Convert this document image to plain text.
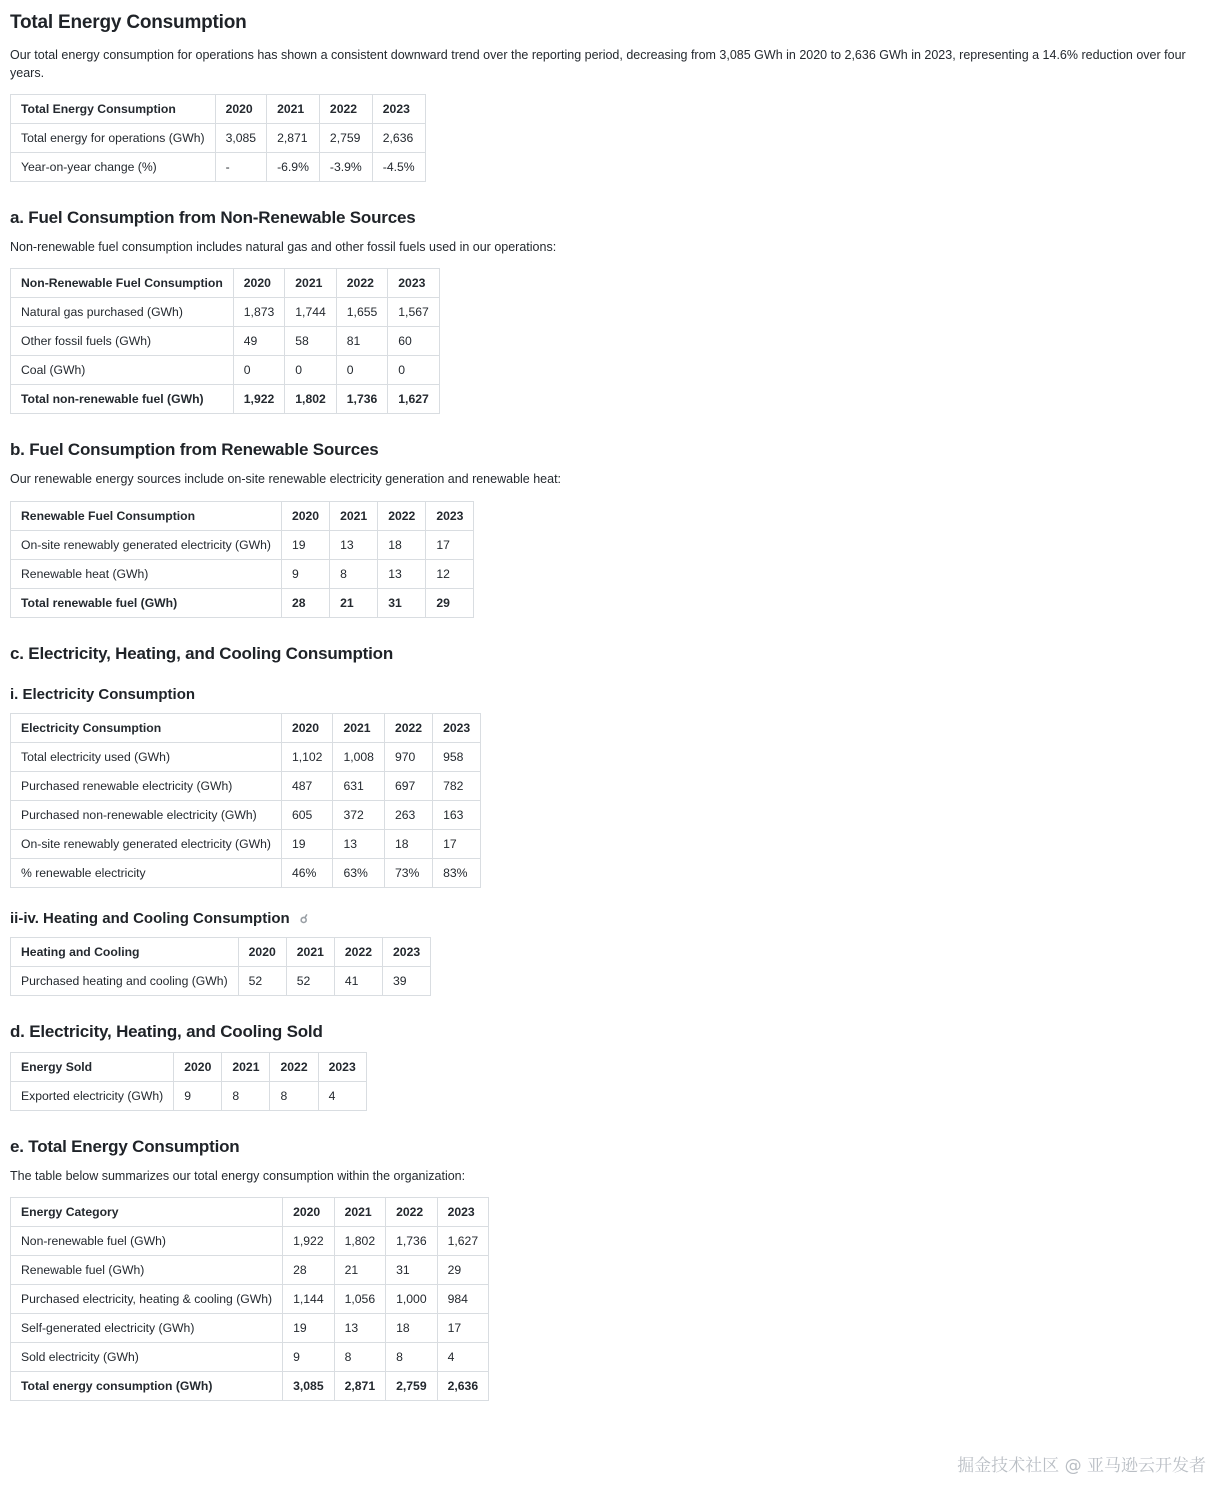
Total Energy Consumption

Our total energy consumption for operations has shown a consistent downward trend over the reporting period, decreasing from 3,085 GWh in 2020 to 2,636 GWh in 2023, representing a 14.6% reduction over four years.

Total Energy Consumption	2020	2021	2022	2023
Total energy for operations (GWh)	3,085	2,871	2,759	2,636
Year-on-year change (%)	-	-6.9%	-3.9%	-4.5%
a. Fuel Consumption from Non-Renewable Sources

Non-renewable fuel consumption includes natural gas and other fossil fuels used in our operations:

Non-Renewable Fuel Consumption	2020	2021	2022	2023
Natural gas purchased (GWh)	1,873	1,744	1,655	1,567
Other fossil fuels (GWh)	49	58	81	60
Coal (GWh)	0	0	0	0
Total non-renewable fuel (GWh)	1,922	1,802	1,736	1,627
b. Fuel Consumption from Renewable Sources

Our renewable energy sources include on-site renewable electricity generation and renewable heat:

Renewable Fuel Consumption	2020	2021	2022	2023
On-site renewably generated electricity (GWh)	19	13	18	17
Renewable heat (GWh)	9	8	13	12
Total renewable fuel (GWh)	28	21	31	29
c. Electricity, Heating, and Cooling Consumption
i. Electricity Consumption
Electricity Consumption	2020	2021	2022	2023
Total electricity used (GWh)	1,102	1,008	970	958
Purchased renewable electricity (GWh)	487	631	697	782
Purchased non-renewable electricity (GWh)	605	372	263	163
On-site renewably generated electricity (GWh)	19	13	18	17
% renewable electricity	46%	63%	73%	83%
ii-iv. Heating and Cooling Consumption ☌
Heating and Cooling	2020	2021	2022	2023
Purchased heating and cooling (GWh)	52	52	41	39
d. Electricity, Heating, and Cooling Sold
Energy Sold	2020	2021	2022	2023
Exported electricity (GWh)	9	8	8	4
e. Total Energy Consumption

The table below summarizes our total energy consumption within the organization:

Energy Category	2020	2021	2022	2023
Non-renewable fuel (GWh)	1,922	1,802	1,736	1,627
Renewable fuel (GWh)	28	21	31	29
Purchased electricity, heating & cooling (GWh)	1,144	1,056	1,000	984
Self-generated electricity (GWh)	19	13	18	17
Sold electricity (GWh)	9	8	8	4
Total energy consumption (GWh)	3,085	2,871	2,759	2,636
掘金技术社区 @ 亚马逊云开发者
